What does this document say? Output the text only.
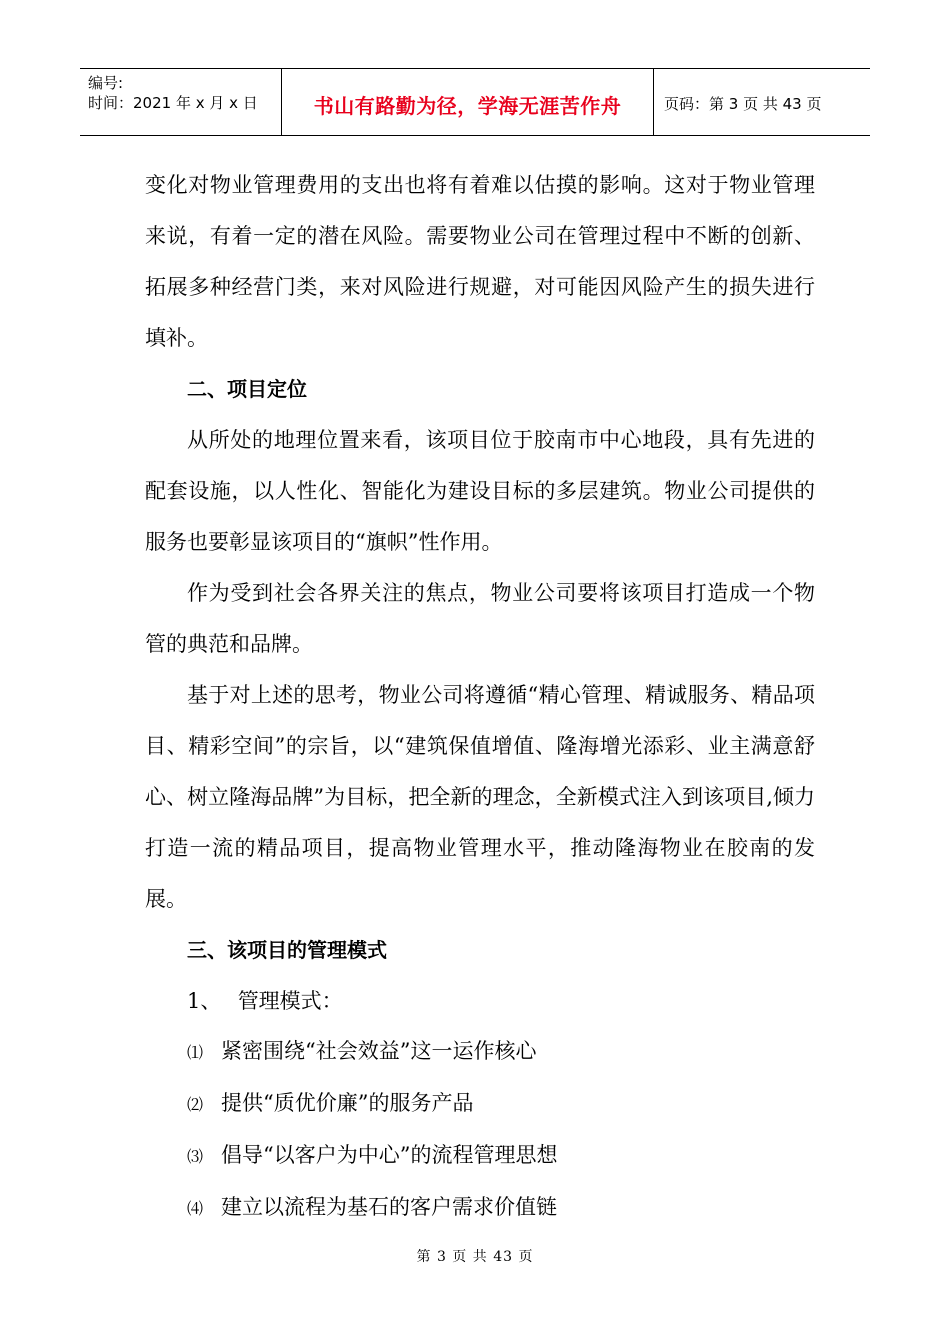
编号:
时间：2021 年 x 月 x 日	书山有路勤为径，学海无涯苦作舟	页码：第 3 页 共 43 页

变化对物业管理费用的支出也将有着难以估摸的影响。这对于物业管理来说，有着一定的潜在风险。需要物业公司在管理过程中不断的创新、拓展多种经营门类，来对风险进行规避，对可能因风险产生的损失进行填补。

二、项目定位

从所处的地理位置来看，该项目位于胶南市中心地段，具有先进的配套设施，以人性化、智能化为建设目标的多层建筑。物业公司提供的服务也要彰显该项目的“旗帜”性作用。

作为受到社会各界关注的焦点，物业公司要将该项目打造成一个物管的典范和品牌。

基于对上述的思考，物业公司将遵循“精心管理、精诚服务、精品项目、精彩空间”的宗旨，以“建筑保值增值、隆海增光添彩、业主满意舒心、树立隆海品牌”为目标，把全新的理念，全新模式注入到该项目,倾力打造一流的精品项目，提高物业管理水平，推动隆海物业在胶南的发展。

三、该项目的管理模式

1、 管理模式：

⑴ 紧密围绕“社会效益”这一运作核心

⑵ 提供“质优价廉”的服务产品

⑶ 倡导“以客户为中心”的流程管理思想

⑷ 建立以流程为基石的客户需求价值链

第 3 页 共 43 页
